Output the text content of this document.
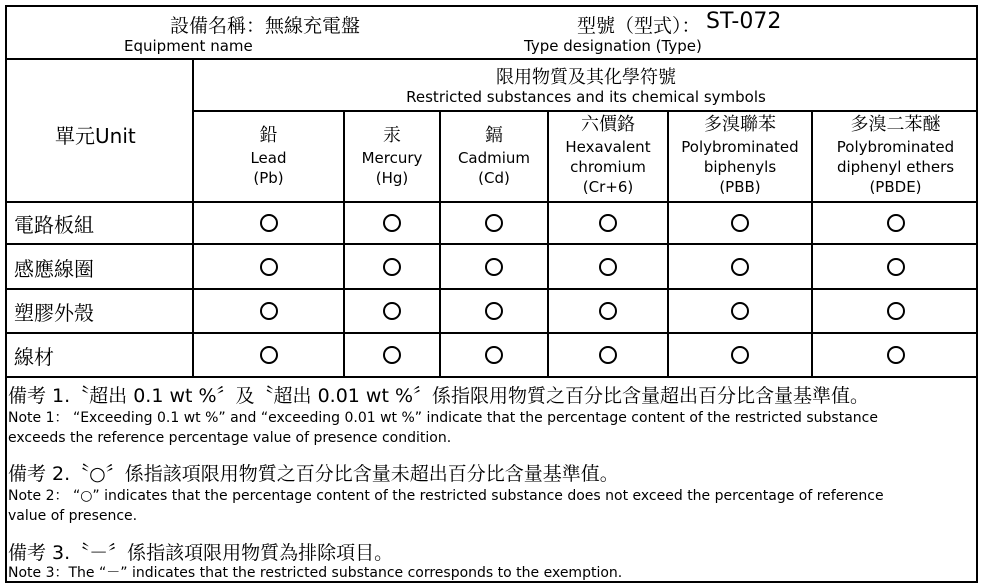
設備名稱：無線充電盤
Equipment name
型號（型式）： ST-072
Type designation (Type)
單元Unit
限用物質及其化學符號
Restricted substances and its chemical symbols
鉛
Lead
(Pb)
汞
Mercury
(Hg)
鎘
Cadmium
(Cd)
六價鉻
Hexavalent
chromium
(Cr+6)
多溴聯苯
Polybrominated
biphenyls
(PBB)
多溴二苯醚
Polybrominated
diphenyl ethers
(PBDE)
電路板組
感應線圈
塑膠外殼
線材
備考 1.〝超出 0.1 wt %〞及〝超出 0.01 wt %〞係指限用物質之百分比含量超出百分比含量基準值。
Note 1： “Exceeding 0.1 wt %” and “exceeding 0.01 wt %” indicate that the percentage content of the restricted substance
exceeds the reference percentage value of presence condition.
備考 2.〝○〞係指該項限用物質之百分比含量未超出百分比含量基準值。
Note 2： “○” indicates that the percentage content of the restricted substance does not exceed the percentage of reference
value of presence.
備考 3.〝－〞係指該項限用物質為排除項目。
Note 3：The “－” indicates that the restricted substance corresponds to the exemption.
